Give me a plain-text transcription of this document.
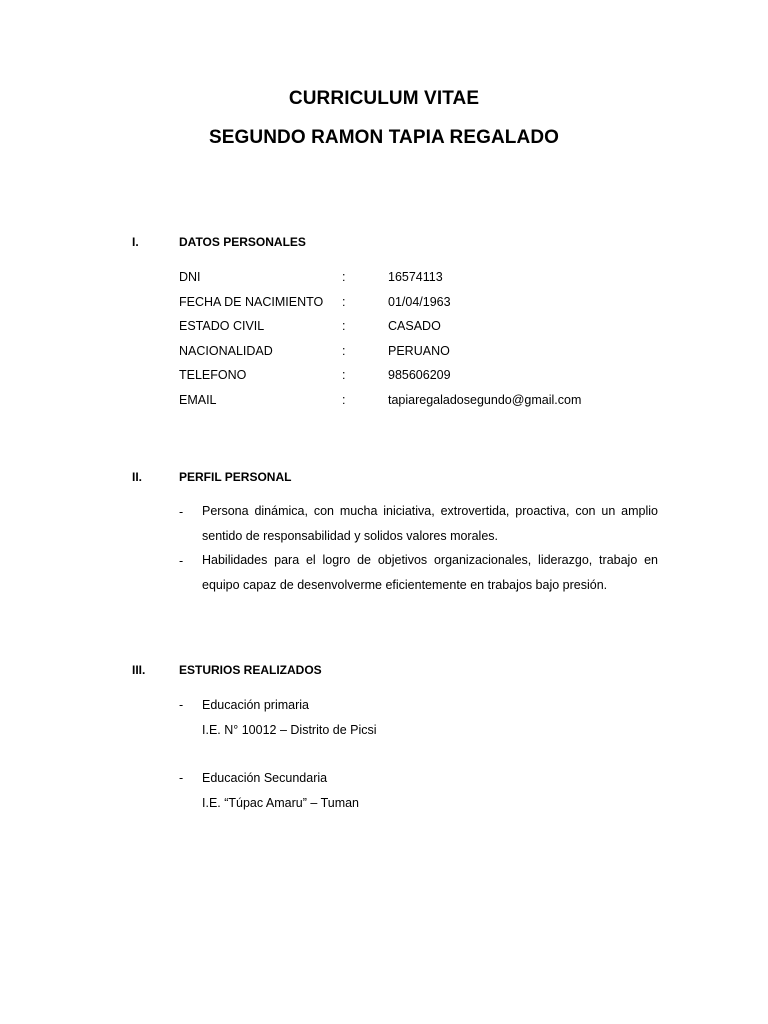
CURRICULUM VITAE
SEGUNDO RAMON TAPIA REGALADO
I.	DATOS PERSONALES
DNI	:	16574113
FECHA DE NACIMIENTO :	01/04/1963
ESTADO CIVIL	:	CASADO
NACIONALIDAD	:	PERUANO
TELEFONO	:	985606209
EMAIL	:	tapiaregaladosegundo@gmail.com
II.	PERFIL PERSONAL
- Persona dinámica, con mucha iniciativa, extrovertida, proactiva, con un amplio sentido de responsabilidad y solidos valores morales.
- Habilidades para el logro de objetivos organizacionales, liderazgo, trabajo en equipo capaz de desenvolverme eficientemente en trabajos bajo presión.
III.	ESTURIOS REALIZADOS
- Educación primaria
I.E. N° 10012 – Distrito de Picsi
- Educación Secundaria
I.E. “Túpac Amaru” – Tuman
